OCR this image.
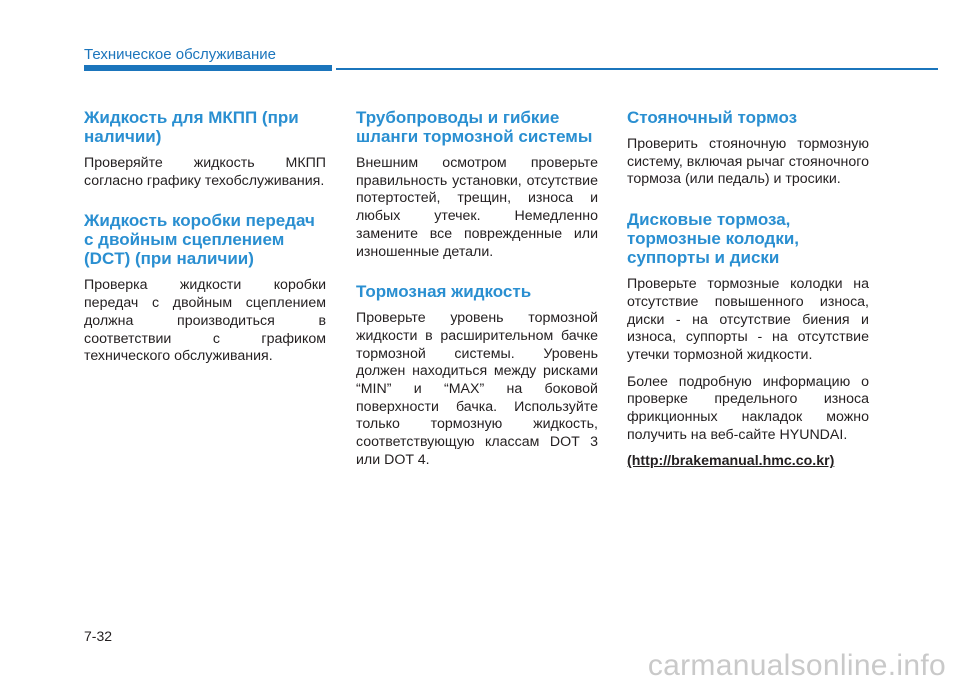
Техническое обслуживание
Жидкость для МКПП (при наличии)

Проверяйте жидкость МКПП согласно графику техобслуживания.

Жидкость коробки передач с двойным сцеплением (DCT) (при наличии)

Проверка жидкости коробки передач с двойным сцеплением должна производиться в соответствии с графиком технического обслуживания.

Трубопроводы и гибкие шланги тормозной системы

Внешним осмотром проверьте правильность установки, отсутствие потертостей, трещин, износа и любых утечек. Немедленно замените все поврежденные или изношенные детали.

Тормозная жидкость

Проверьте уровень тормозной жидкости в расширительном бачке тормозной системы. Уровень должен находиться между рисками “MIN” и “MAX” на боковой поверхности бачка. Используйте только тормозную жидкость, соответствующую классам DOT 3 или DOT 4.

Стояночный тормоз

Проверить стояночную тормозную систему, включая рычаг стояночного тормоза (или педаль) и тросики.

Дисковые тормоза, тормозные колодки, суппорты и диски

Проверьте тормозные колодки на отсутствие повышенного износа, диски - на отсутствие биения и износа, суппорты - на отсутствие утечки тормозной жидкости.

Более подробную информацию о проверке предельного износа фрикционных накладок можно получить на веб-сайте HYUNDAI.

(http://brakemanual.hmc.co.kr)

7-32
carmanualsonline.info
